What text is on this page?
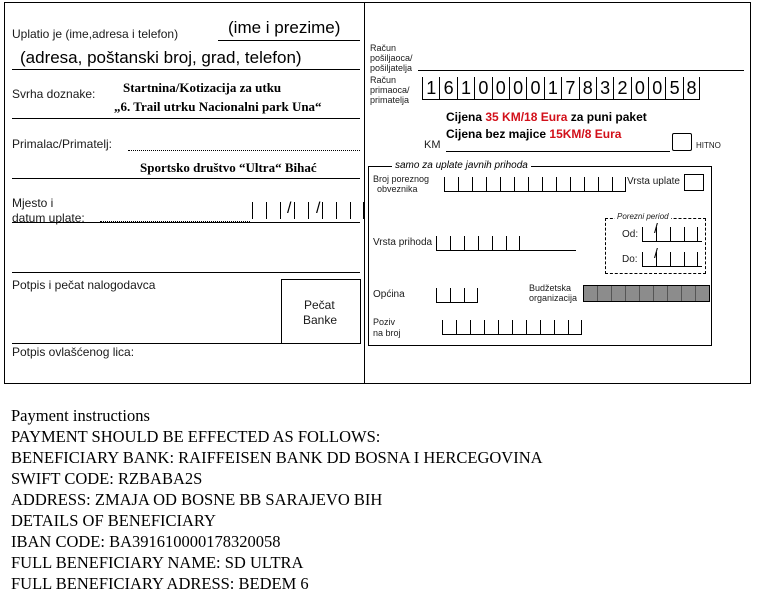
Uplatio je (ime,adresa i telefon)	(ime i prezime)
(adresa, poštanski broj, grad, telefon)
Svrha doznake: Startnina/Kotizacija za utku
„6. Trail utrku Nacionalni park Una“
Primalac/Primatelj:
Sportsko društvo “Ultra“ Bihać
Mjesto i
datum uplate:
/ /
Potpis i pečat nalogodavca
Pečat
Banke
Potpis ovlašćenog lica:
Račun
pošiljaoca/
pošiljatelja
Račun
primaoca/
primatelja
1 6 1 0 0 0 0 1 7 8 3 2 0 0 5 8
Cijena 35 KM/18 Eura za puni paket
Cijena bez majice 15KM/8 Eura
KM	HITNO
samo za uplate javnih prihoda
Broj poreznog
obveznika
Vrsta uplate
Vrsta prihoda
Porezni period
Od: /
Do: /
Općina
Budžetska
organizacija
Poziv
na broj
Payment instructions
PAYMENT SHOULD BE EFFECTED AS FOLLOWS:
BENEFICIARY BANK: RAIFFEISEN BANK DD BOSNA I HERCEGOVINA
SWIFT CODE: RZBABA2S
ADDRESS: ZMAJA OD BOSNE BB SARAJEVO BIH
DETAILS OF BENEFICIARY
IBAN CODE: BA391610000178320058
FULL BENEFICIARY NAME: SD ULTRA
FULL BENEFICIARY ADRESS: BEDEM 6
